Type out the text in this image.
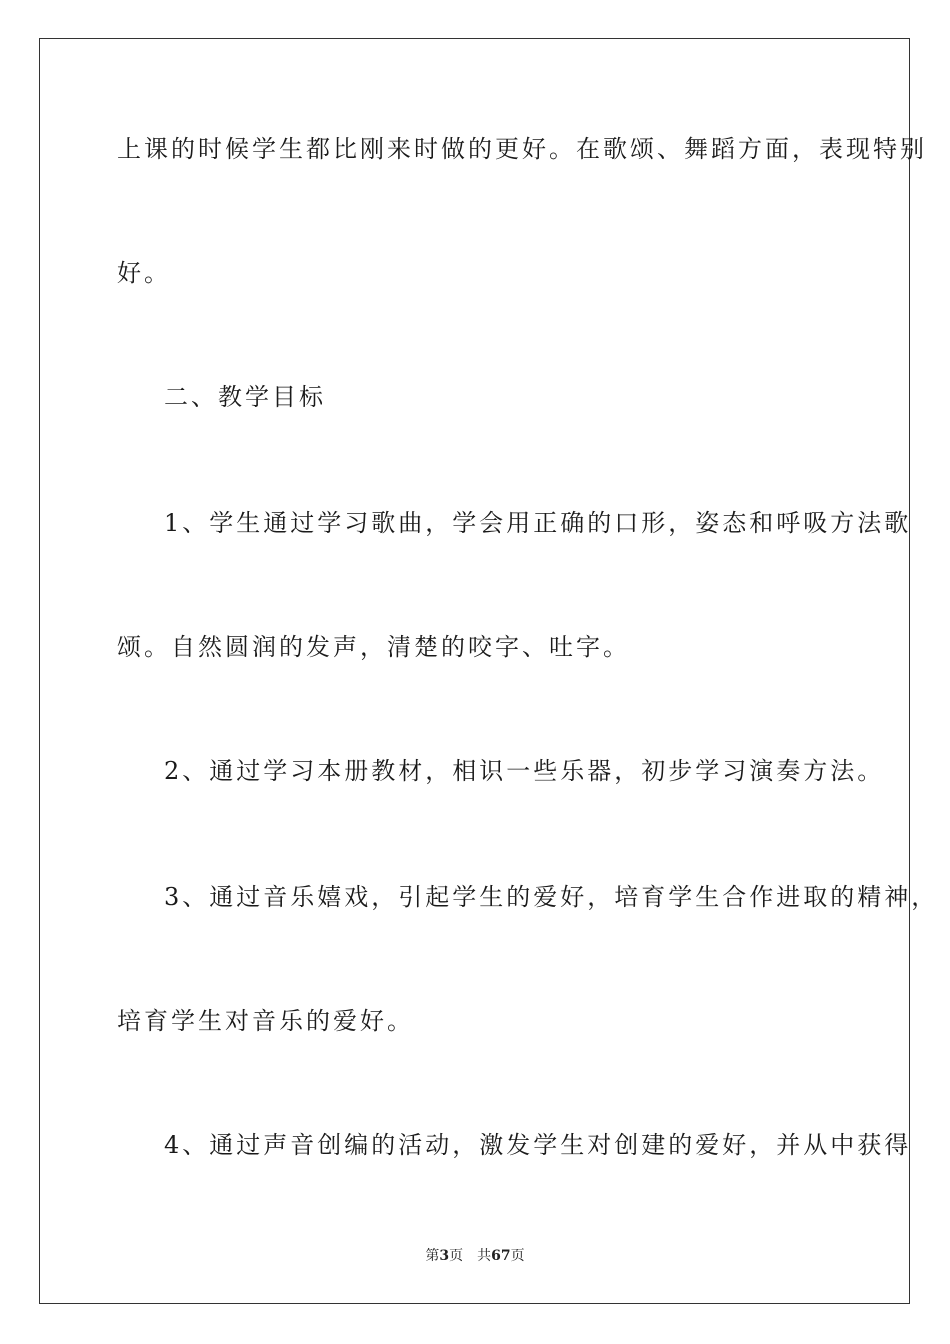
上课的时候学生都比刚来时做的更好。在歌颂、舞蹈方面，表现特别
好。
二、教学目标
1、学生通过学习歌曲，学会用正确的口形，姿态和呼吸方法歌
颂。自然圆润的发声，清楚的咬字、吐字。
2、通过学习本册教材，相识一些乐器，初步学习演奏方法。
3、通过音乐嬉戏，引起学生的爱好，培育学生合作进取的精神，
培育学生对音乐的爱好。
4、通过声音创编的活动，激发学生对创建的爱好，并从中获得
第3页 共67页
